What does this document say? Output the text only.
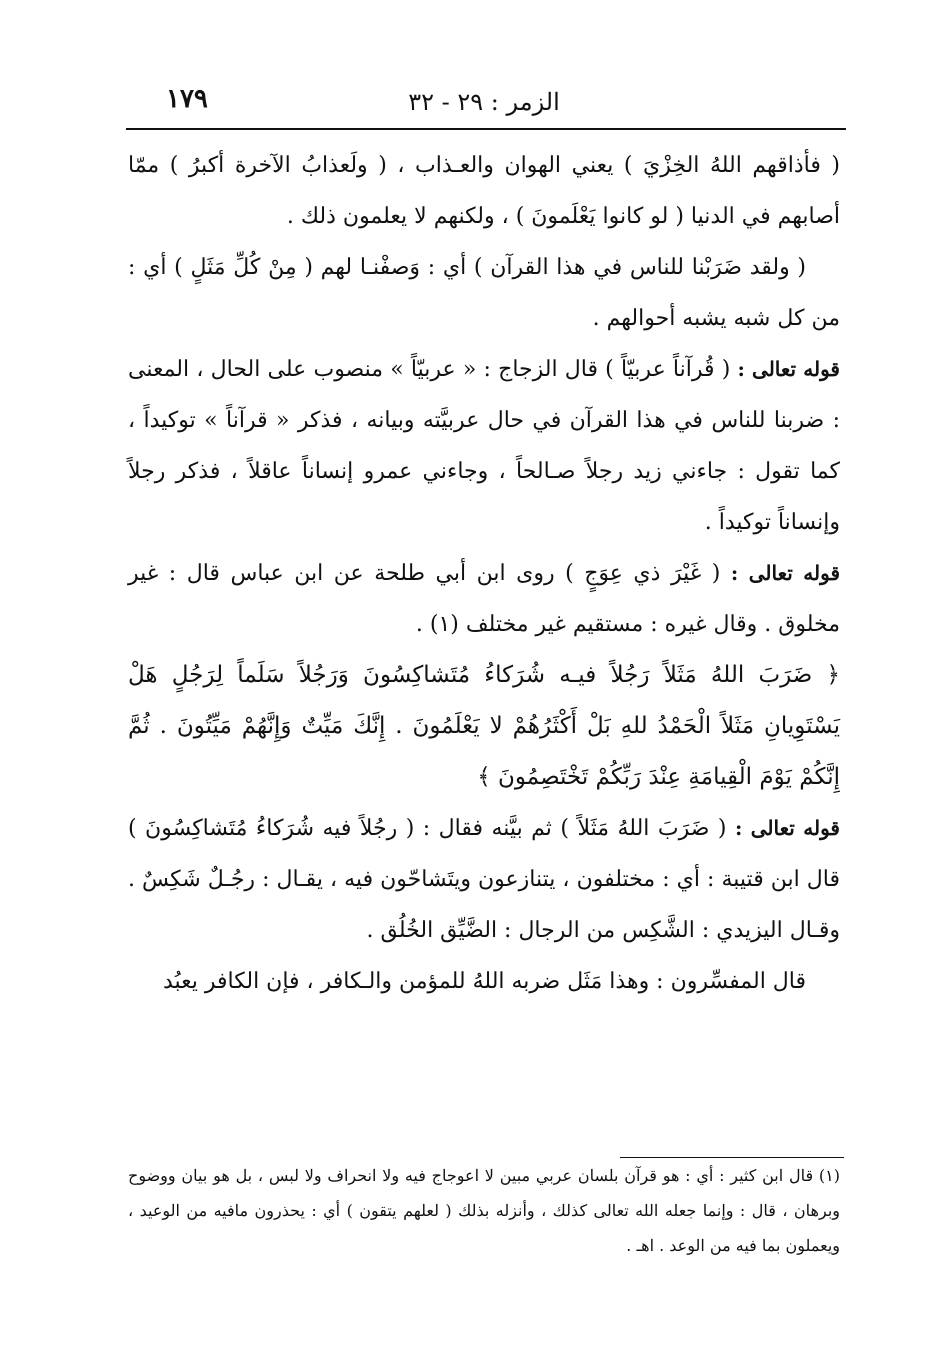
الزمر : ٢٩ - ٣٢
١٧٩

( فأذاقهم اللهُ الخِزْيَ ) يعني الهوان والعـذاب ، ( ولَعذابُ الآخرة أكبرُ ) ممّا أصابهم في الدنيا ( لو كانوا يَعْلَمونَ ) ، ولكنهم لا يعلمون ذلك .

( ولقد ضَرَبْنا للناس في هذا القرآن ) أي : وَصفْنـا لهم ( مِنْ كُلِّ مَثَلٍ ) أي : من كل شبه يشبه أحوالهم .

قوله تعالى : ( قُرآناً عربيّاً ) قال الزجاج : « عربيّاً » منصوب على الحال ، المعنى : ضربنا للناس في هذا القرآن في حال عربيَّته وبيانه ، فذكر « قرآناً » توكيداً ، كما تقول : جاءني زيد رجلاً صـالحاً ، وجاءني عمرو إنساناً عاقلاً ، فذكر رجلاً وإنساناً توكيداً .

قوله تعالى : ( غَيْرَ ذي عِوَجٍ ) روى ابن أبي طلحة عن ابن عباس قال : غير مخلوق . وقال غيره : مستقيم غير مختلف (١) .

﴿ ضَرَبَ اللهُ مَثَلاً رَجُلاً فيـه شُرَكاءُ مُتَشاكِسُونَ وَرَجُلاً سَلَماً لِرَجُلٍ هَلْ يَسْتَوِيانِ مَثَلاً الْحَمْدُ للهِ بَلْ أَكْثَرُهُمْ لا يَعْلَمُونَ . إِنَّكَ مَيِّتٌ وَإِنَّهُمْ مَيِّتُونَ . ثُمَّ إِنَّكُمْ يَوْمَ الْقِيامَةِ عِنْدَ رَبِّكُمْ تَخْتَصِمُونَ ﴾

قوله تعالى : ( ضَرَبَ اللهُ مَثَلاً ) ثم بيَّنه فقال : ( رجُلاً فيه شُرَكاءُ مُتَشاكِسُونَ ) قال ابن قتيبة : أي : مختلفون ، يتنازعون ويتَشاحّون فيه ، يقـال : رجُـلٌ شَكِسٌ . وقـال اليزيدي : الشَّكِس من الرجال : الضَّيِّق الخُلُق .

قال المفسِّرون : وهذا مَثَل ضربه اللهُ للمؤمن والـكافر ، فإن الكافر يعبُد

(١) قال ابن كثير : أي : هو قرآن بلسان عربي مبين لا اعوجاج فيه ولا انحراف ولا لبس ، بل هو بيان ووضوح وبرهان ، قال : وإنما جعله الله تعالى كذلك ، وأنزله بذلك ( لعلهم يتقون ) أي : يحذرون مافيه من الوعيد ، ويعملون بما فيه من الوعد . اهـ .
